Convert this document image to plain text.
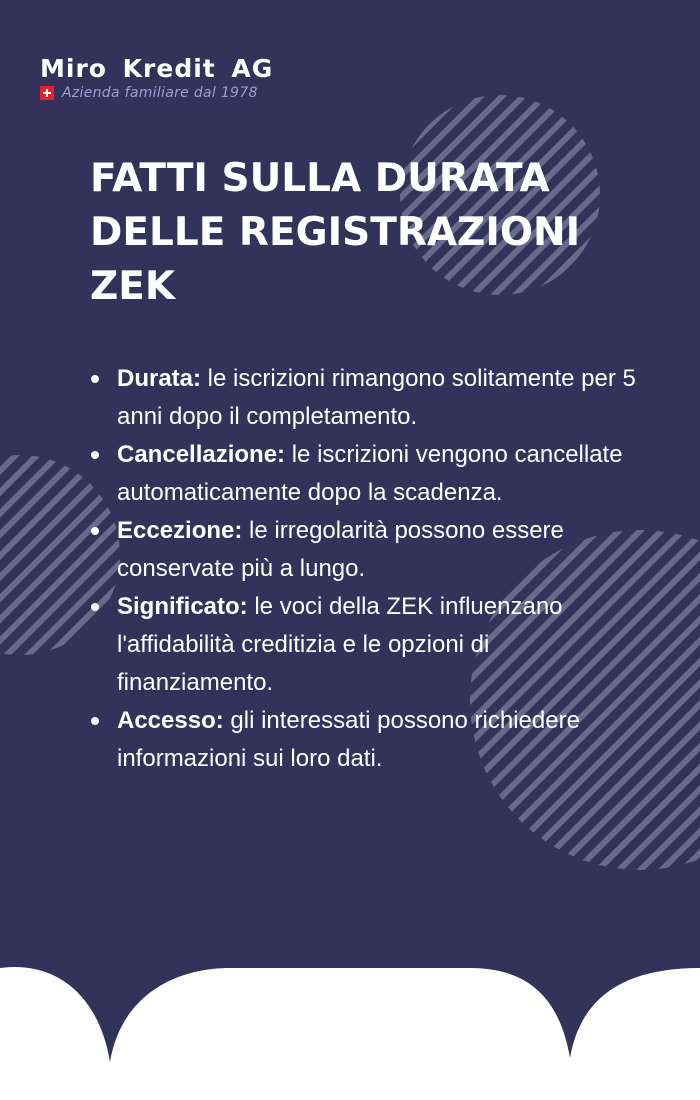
Miro Kredit AG
Azienda familiare dal 1978
FATTI SULLA DURATA DELLE REGISTRAZIONI ZEK
Durata: le iscrizioni rimangono solitamente per 5 anni dopo il completamento.
Cancellazione: le iscrizioni vengono cancellate automaticamente dopo la scadenza.
Eccezione: le irregolarità possono essere conservate più a lungo.
Significato: le voci della ZEK influenzano l'affidabilità creditizia e le opzioni di finanziamento.
Accesso: gli interessati possono richiedere informazioni sui loro dati.
